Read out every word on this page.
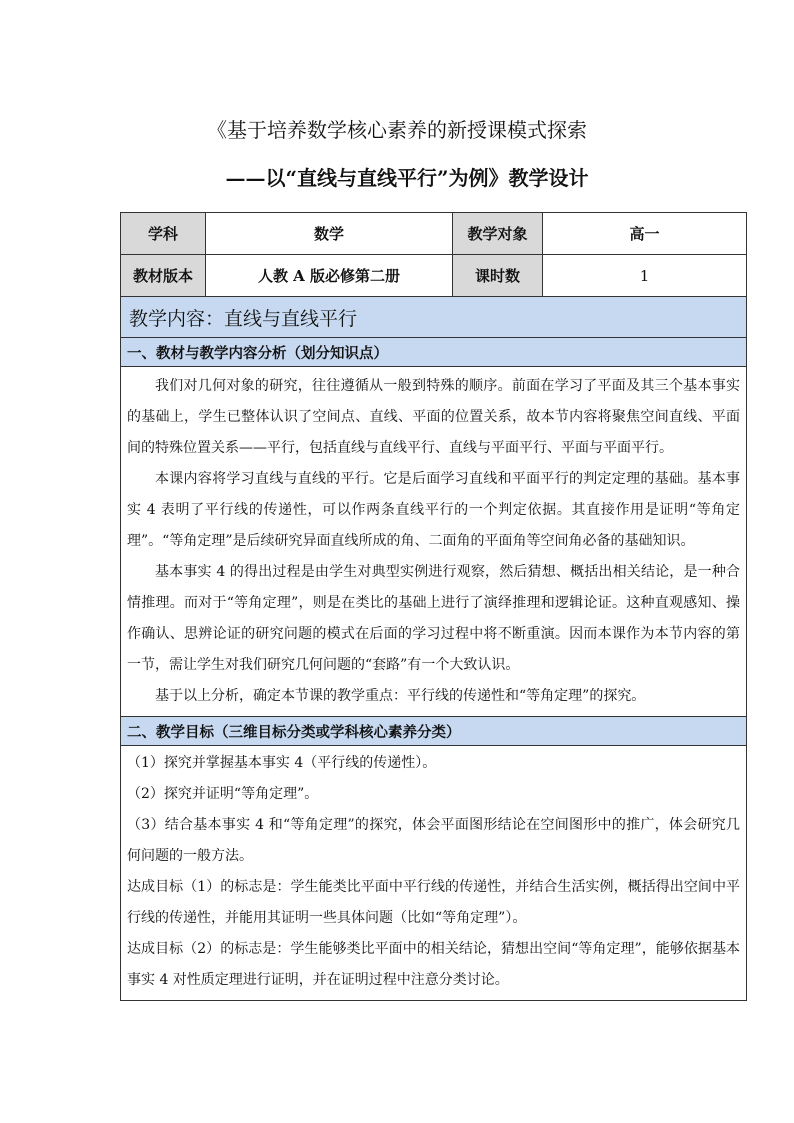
《基于培养数学核心素养的新授课模式探索
——以“直线与直线平行”为例》教学设计
学科	数学	教学对象	高一
教材版本	人教 A 版必修第二册	课时数	1
教学内容：直线与直线平行			
一、教材与教学内容分析（划分知识点）			

我们对几何对象的研究，往往遵循从一般到特殊的顺序。前面在学习了平面及其三个基本事实的基础上，学生已整体认识了空间点、直线、平面的位置关系，故本节内容将聚焦空间直线、平面间的特殊位置关系——平行，包括直线与直线平行、直线与平面平行、平面与平面平行。

本课内容将学习直线与直线的平行。它是后面学习直线和平面平行的判定定理的基础。基本事实 4 表明了平行线的传递性，可以作两条直线平行的一个判定依据。其直接作用是证明“等角定理”。“等角定理”是后续研究异面直线所成的角、二面角的平面角等空间角必备的基础知识。

基本事实 4 的得出过程是由学生对典型实例进行观察，然后猜想、概括出相关结论，是一种合情推理。而对于“等角定理”，则是在类比的基础上进行了演绎推理和逻辑论证。这种直观感知、操作确认、思辨论证的研究问题的模式在后面的学习过程中将不断重演。因而本课作为本节内容的第一节，需让学生对我们研究几何问题的“套路”有一个大致认识。

基于以上分析，确定本节课的教学重点：平行线的传递性和“等角定理”的探究。			

二、教学目标（三维目标分类或学科核心素养分类）			

（1）探究并掌握基本事实 4（平行线的传递性）。

（2）探究并证明“等角定理”。

（3）结合基本事实 4 和“等角定理”的探究，体会平面图形结论在空间图形中的推广，体会研究几何问题的一般方法。

达成目标（1）的标志是：学生能类比平面中平行线的传递性，并结合生活实例，概括得出空间中平行线的传递性，并能用其证明一些具体问题（比如“等角定理”）。

达成目标（2）的标志是：学生能够类比平面中的相关结论，猜想出空间“等角定理”，能够依据基本事实 4 对性质定理进行证明，并在证明过程中注意分类讨论。			
